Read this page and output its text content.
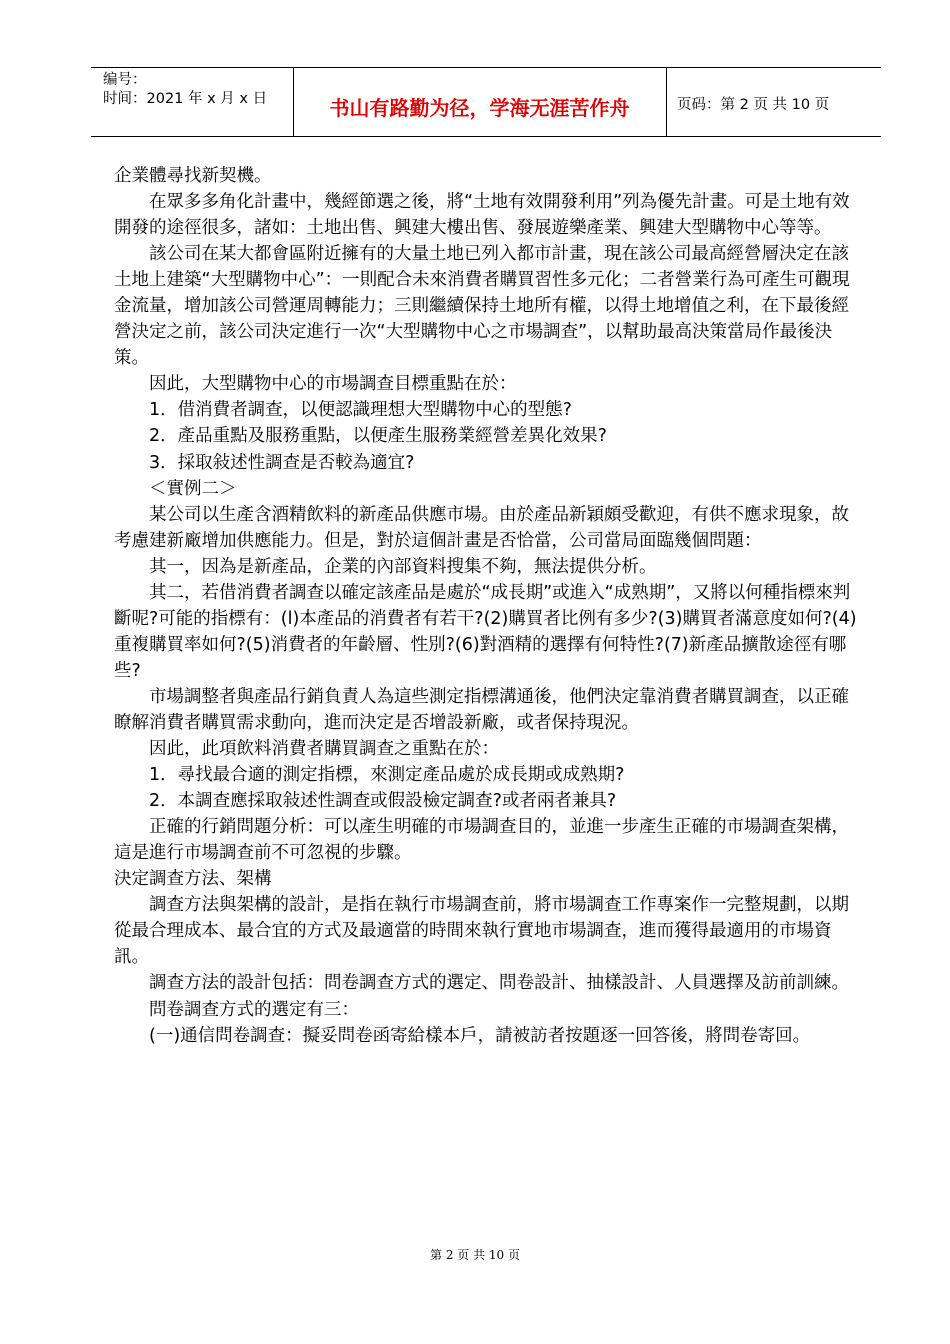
编号：
时间：2021 年 x 月 x 日	书山有路勤为径，学海无涯苦作舟	页码：第 2 页 共 10 页

企業體尋找新契機。

在眾多多角化計畫中，幾經節選之後，將“土地有效開發利用”列為優先計畫。可是土地有效開發的途徑很多，諸如：土地出售、興建大樓出售、發展遊樂產業、興建大型購物中心等等。

該公司在某大都會區附近擁有的大量土地已列入都市計畫，現在該公司最高經營層決定在該土地上建築“大型購物中心”：一則配合未來消費者購買習性多元化；二者營業行為可產生可觀現金流量，增加該公司營運周轉能力；三則繼續保持土地所有權，以得土地增值之利，在下最後經營決定之前，該公司決定進行一次“大型購物中心之市場調查”，以幫助最高決策當局作最後決策。

因此，大型購物中心的市場調查目標重點在於：

1．借消費者調查，以便認識理想大型購物中心的型態?

2．產品重點及服務重點，以便產生服務業經營差異化效果?

3．採取敍述性調查是否較為適宜?

＜實例二＞

某公司以生產含酒精飲料的新產品供應市場。由於產品新穎頗受歡迎，有供不應求現象，故考慮建新廠增加供應能力。但是，對於這個計畫是否恰當，公司當局面臨幾個問題：

其一，因為是新產品，企業的內部資料搜集不夠，無法提供分析。

其二，若借消費者調查以確定該產品是處於“成長期”或進入“成熟期”，又將以何種指標來判斷呢?可能的指標有：(l)本產品的消費者有若干?(2)購買者比例有多少?(3)購買者滿意度如何?(4)重複購買率如何?(5)消費者的年齡層、性別?(6)對酒精的選擇有何特性?(7)新產品擴散途徑有哪些?

市場調整者與產品行銷負責人為這些測定指標溝通後，他們決定靠消費者購買調查，以正確瞭解消費者購買需求動向，進而決定是否增設新廠，或者保持現況。

因此，此項飲料消費者購買調查之重點在於：

1．尋找最合適的測定指標，來測定產品處於成長期或成熟期?

2．本調查應採取敍述性調查或假設檢定調查?或者兩者兼具?

正確的行銷問題分析：可以產生明確的市場調查目的，並進一步產生正確的市場調查架構，這是進行市場調查前不可忽視的步驟。

決定調查方法、架構

調查方法與架構的設計，是指在執行市場調查前，將市場調查工作專案作一完整規劃，以期從最合理成本、最合宜的方式及最適當的時間來執行實地市場調查，進而獲得最適用的市場資訊。

調查方法的設計包括：問卷調查方式的選定、問卷設計、抽樣設計、人員選擇及訪前訓練。

問卷調查方式的選定有三：

(一)通信問卷調查：擬妥問卷函寄給樣本戶，請被訪者按題逐一回答後，將問卷寄回。

第 2 页 共 10 页
